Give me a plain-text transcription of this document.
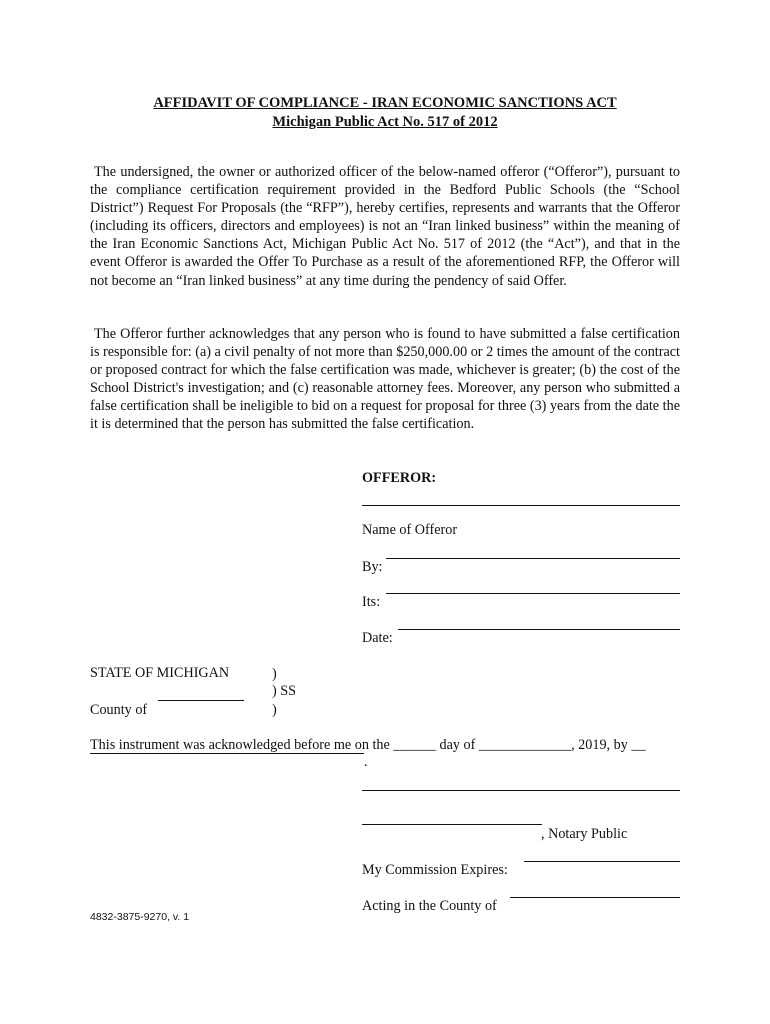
AFFIDAVIT OF COMPLIANCE - IRAN ECONOMIC SANCTIONS ACT
Michigan Public Act No. 517 of 2012

The undersigned, the owner or authorized officer of the below-named offeror (“Offeror”), pursuant to the compliance certification requirement provided in the Bedford Public Schools (the “School District”) Request For Proposals (the “RFP”), hereby certifies, represents and warrants that the Offeror (including its officers, directors and employees) is not an “Iran linked business” within the meaning of the Iran Economic Sanctions Act, Michigan Public Act No. 517 of 2012 (the “Act”), and that in the event Offeror is awarded the Offer To Purchase as a result of the aforementioned RFP, the Offeror will not become an “Iran linked business” at any time during the pendency of said Offer.

The Offeror further acknowledges that any person who is found to have submitted a false certification is responsible for: (a) a civil penalty of not more than $250,000.00 or 2 times the amount of the contract or proposed contract for which the false certification was made, whichever is greater; (b) the cost of the School District's investigation; and (c) reasonable attorney fees. Moreover, any person who submitted a false certification shall be ineligible to bid on a request for proposal for three (3) years from the date the it is determined that the person has submitted the false certification.

OFFEROR:
Name of Offeror
By:
Its:
Date:
STATE OF MICHIGAN	)
) SS
County of	)
This instrument was acknowledged before me on the ______ day of _____________, 2019, by __
.
, Notary Public
My Commission Expires:
Acting in the County of
4832-3875-9270, v. 1
